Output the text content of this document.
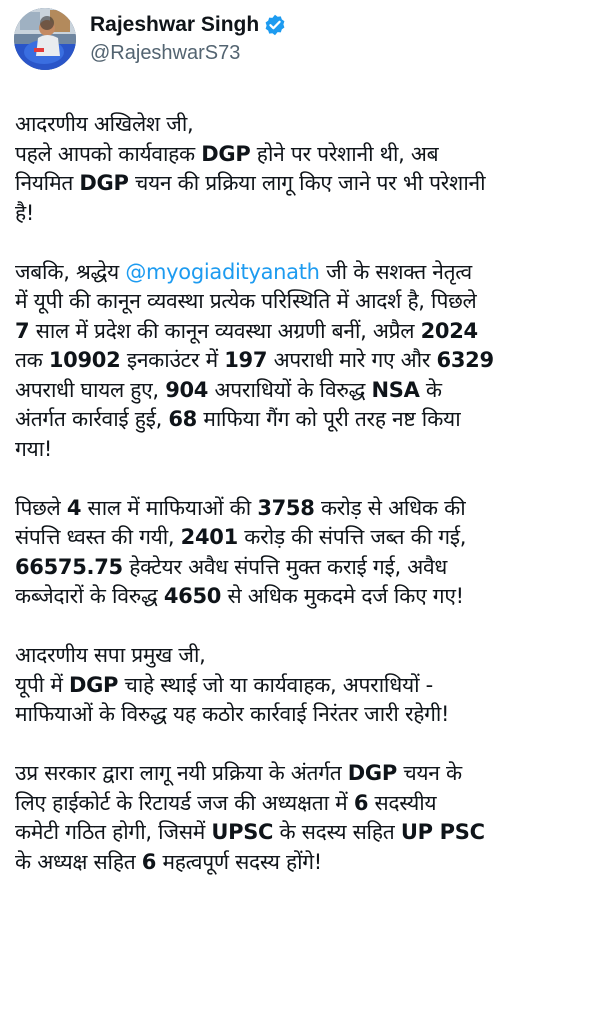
Rajeshwar Singh
@RajeshwarS73
आदरणीय अखिलेश जी,
पहले आपको कार्यवाहक DGP होने पर परेशानी थी, अब
नियमित DGP चयन की प्रक्रिया लागू किए जाने पर भी परेशानी
है!
जबकि, श्रद्धेय @myogiadityanath जी के सशक्त नेतृत्व
में यूपी की कानून व्यवस्था प्रत्येक परिस्थिति में आदर्श है, पिछले
7 साल में प्रदेश की कानून व्यवस्था अग्रणी बनीं, अप्रैल 2024
तक 10902 इनकाउंटर में 197 अपराधी मारे गए और 6329
अपराधी घायल हुए, 904 अपराधियों के विरुद्ध NSA के
अंतर्गत कार्रवाई हुई, 68 माफिया गैंग को पूरी तरह नष्ट किया
गया!
पिछले 4 साल में माफियाओं की 3758 करोड़ से अधिक की
संपत्ति ध्वस्त की गयी, 2401 करोड़ की संपत्ति जब्त की गई,
66575.75 हेक्टेयर अवैध संपत्ति मुक्त कराई गई, अवैध
कब्जेदारों के विरुद्ध 4650 से अधिक मुकदमे दर्ज किए गए!
आदरणीय सपा प्रमुख जी,
यूपी में DGP चाहे स्थाई जो या कार्यवाहक, अपराधियों -
माफियाओं के विरुद्ध यह कठोर कार्रवाई निरंतर जारी रहेगी!
उप्र सरकार द्वारा लागू नयी प्रक्रिया के अंतर्गत DGP चयन के
लिए हाईकोर्ट के रिटायर्ड जज की अध्यक्षता में 6 सदस्यीय
कमेटी गठित होगी, जिसमें UPSC के सदस्य सहित UP PSC
के अध्यक्ष सहित 6 महत्वपूर्ण सदस्य होंगे!
